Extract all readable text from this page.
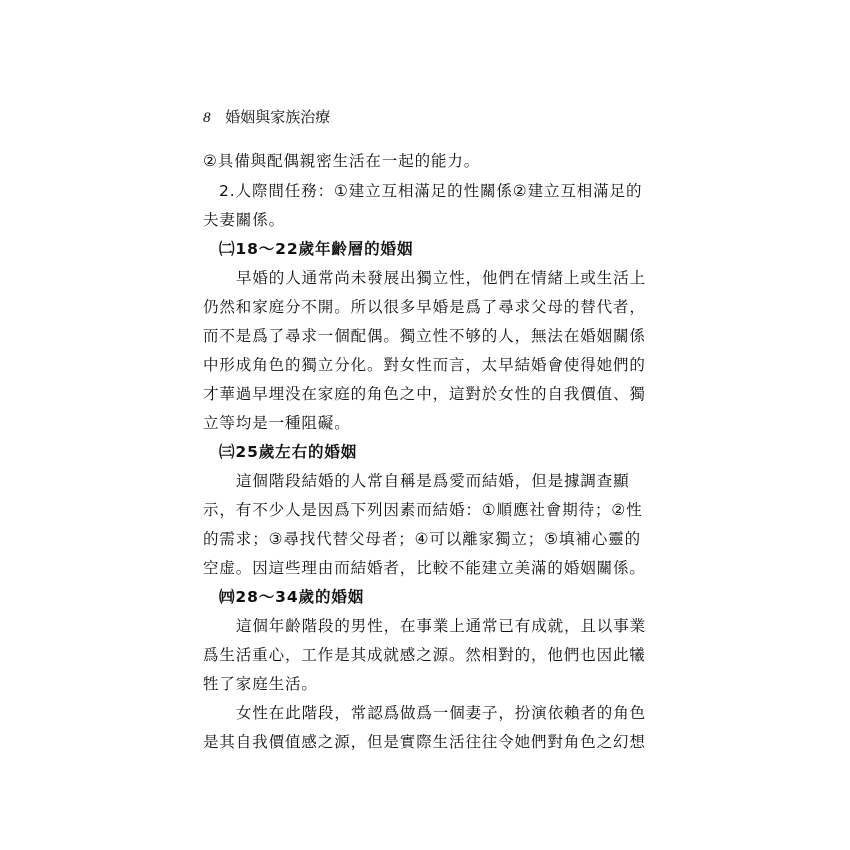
8 婚姻與家族治療
②具備與配偶親密生活在一起的能力。
2.人際間任務：①建立互相滿足的性關係②建立互相滿足的
夫妻關係。
㈡18～22歲年齡層的婚姻
早婚的人通常尚未發展出獨立性，他們在情緒上或生活上
仍然和家庭分不開。所以很多早婚是爲了尋求父母的替代者，
而不是爲了尋求一個配偶。獨立性不够的人，無法在婚姻關係
中形成角色的獨立分化。對女性而言，太早結婚會使得她們的
才華過早埋没在家庭的角色之中，這對於女性的自我價值、獨
立等均是一種阻礙。
㈢25歲左右的婚姻
這個階段結婚的人常自稱是爲愛而結婚，但是據調查顯
示，有不少人是因爲下列因素而結婚：①順應社會期待；②性
的需求；③尋找代替父母者；④可以離家獨立；⑤填補心靈的
空虚。因這些理由而結婚者，比較不能建立美滿的婚姻關係。
㈣28～34歲的婚姻
這個年齡階段的男性，在事業上通常已有成就，且以事業
爲生活重心，工作是其成就感之源。然相對的，他們也因此犧
牲了家庭生活。
女性在此階段，常認爲做爲一個妻子，扮演依賴者的角色
是其自我價值感之源，但是實際生活往往令她們對角色之幻想
